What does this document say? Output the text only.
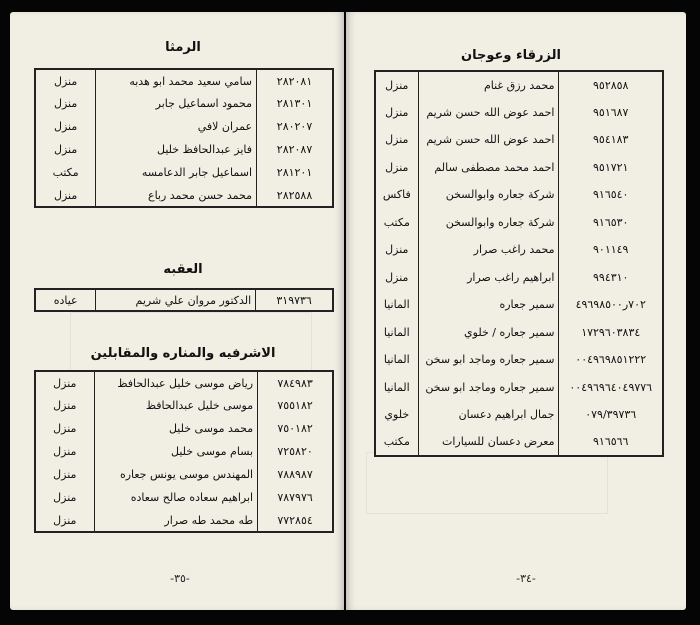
الرمثا
٢٨٢٠٨١	سامي سعيد محمد ابو هدبه	منزل
٢٨١٣٠١	محمود اسماعيل جابر	منزل
٢٨٠٢٠٧	عمران لافي	منزل
٢٨٢٠٨٧	فايز عبدالحافظ خليل	منزل
٢٨١٢٠١	اسماعيل جابر الدعامسه	مكتب
٢٨٢٥٨٨	محمد حسن محمد رباع	منزل
العقبه
٣١٩٧٣٦	الدكتور مروان علي شريم	عياده
الاشرفيه والمناره والمقابلين
٧٨٤٩٨٣	رياض موسى خليل عبدالحافظ	منزل
٧٥٥١٨٢	موسى خليل عبدالحافظ	منزل
٧٥٠١٨٢	محمد موسى خليل	منزل
٧٢٥٨٢٠	بسام موسى خليل	منزل
٧٨٨٩٨٧	المهندس موسى يونس جعاره	منزل
٧٨٧٩٧٦	ابراهيم سعاده صالح سعاده	منزل
٧٧٢٨٥٤	طه محمد طه صرار	منزل
-٣٥-
الزرقاء وعوجان
٩٥٢٨٥٨	محمد رزق غنام	منزل
٩٥١٦٨٧	احمد عوض الله حسن شريم	منزل
٩٥٤١٨٣	احمد عوض الله حسن شريم	منزل
٩٥١٧٢١	احمد محمد مصطفى سالم	منزل
٩١٦٥٤٠	شركة جعاره وابوالسخن	فاكس
٩١٦٥٣٠	شركة جعاره وابوالسخن	مكتب
٩٠١١٤٩	محمد راغب صرار	منزل
٩٩٤٣١٠	ابراهيم راغب صرار	منزل
٧٠٢ر٤٩٦٩٨٥٠٠	سمير جعاره	المانيا
١٧٢٩٦٠٣٨٣٤	سمير جعاره / خلوي	المانيا
٠٠٤٩٦٩٨٥١٢٢٢	سمير جعاره وماجد ابو سخن	المانيا
٠٠٤٩٦٩٦٤٠٤٩٧٧٦	سمير جعاره وماجد ابو سخن	المانيا
٠٧٩/٣٩٧٣٦	جمال ابراهيم دعسان	خلوي
٩١٦٥٦٦	معرض دعسان للسيارات	مكتب
-٣٤-
